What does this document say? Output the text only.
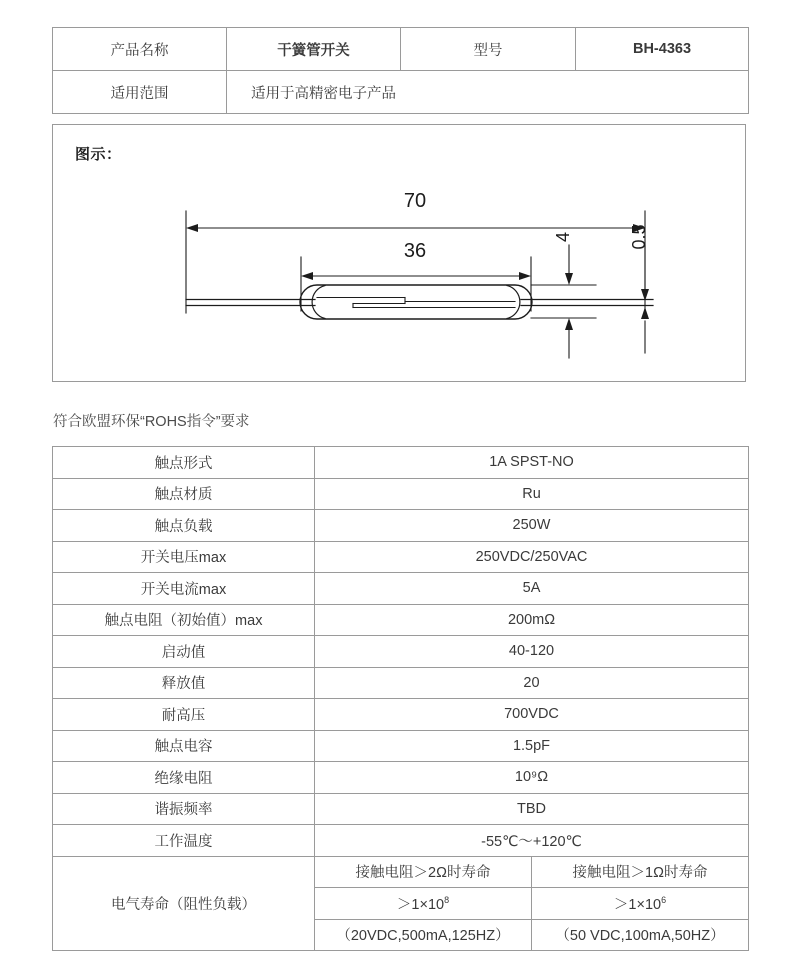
产品名称	干簧管开关	型号	BH-4363
适用范围	适用于高精密电子产品		
图示：
70
36
4	0.5
符合欧盟环保“ROHS指令”要求
触点形式	1A SPST-NO	
触点材质	Ru	
触点负载	250W	
开关电压max	250VDC/250VAC	
开关电流max	5A	
触点电阻（初始值）max	200mΩ	
启动值	40-120	
释放值	20	
耐高压	700VDC	
触点电容	1.5pF	
绝缘电阻	10⁹Ω	
谐振频率	TBD	
工作温度	-55℃～+120℃	
电气寿命（阻性负载）	接触电阻＞2Ω时寿命	接触电阻＞1Ω时寿命
	$>1\times 10^8$	$>1\times 10^6$
	（20VDC,500mA,125HZ）	（50 VDC,100mA,50HZ）
